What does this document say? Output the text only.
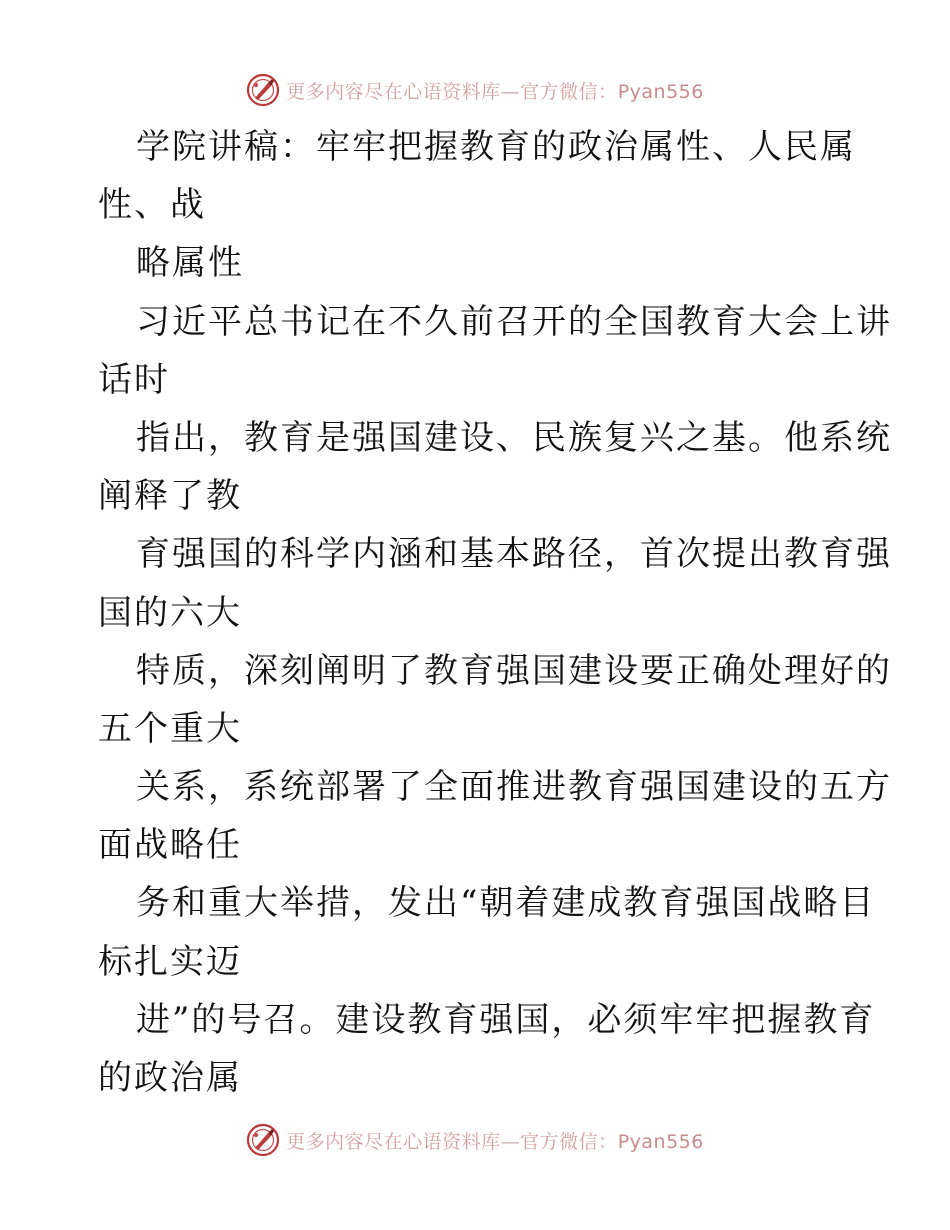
更多内容尽在心语资料库—官方微信：Pyan556
学院讲稿：牢牢把握教育的政治属性、人民属
性、战
略属性
习近平总书记在不久前召开的全国教育大会上讲
话时
指出，教育是强国建设、民族复兴之基。他系统
阐释了教
育强国的科学内涵和基本路径，首次提出教育强
国的六大
特质，深刻阐明了教育强国建设要正确处理好的
五个重大
关系，系统部署了全面推进教育强国建设的五方
面战略任
务和重大举措，发出“朝着建成教育强国战略目
标扎实迈
进”的号召。建设教育强国，必须牢牢把握教育
的政治属
更多内容尽在心语资料库—官方微信：Pyan556
